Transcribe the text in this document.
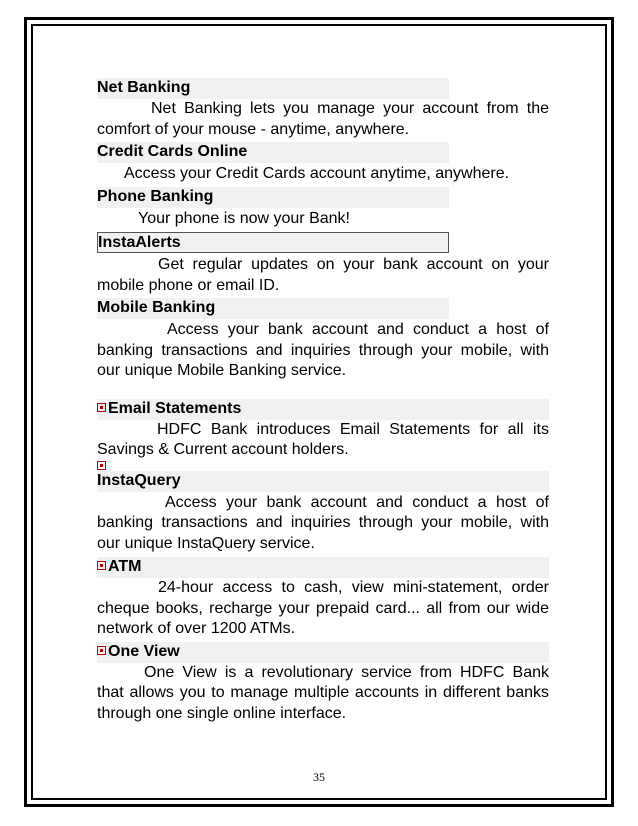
Net Banking

Net Banking lets you manage your account from the comfort of your mouse - anytime, anywhere.

Credit Cards Online

Access your Credit Cards account anytime, anywhere.

Phone Banking

Your phone is now your Bank!

InstaAlerts

Get regular updates on your bank account on your mobile phone or email ID.

Mobile Banking

Access your bank account and conduct a host of banking transactions and inquiries through your mobile, with our unique Mobile Banking service.

Email Statements

HDFC Bank introduces Email Statements for all its Savings & Current account holders.

InstaQuery

Access your bank account and conduct a host of banking transactions and inquiries through your mobile, with our unique InstaQuery service.

ATM

24-hour access to cash, view mini-statement, order cheque books, recharge your prepaid card... all from our wide network of over 1200 ATMs.

One View

One View is a revolutionary service from HDFC Bank that allows you to manage multiple accounts in different banks through one single online interface.

35
